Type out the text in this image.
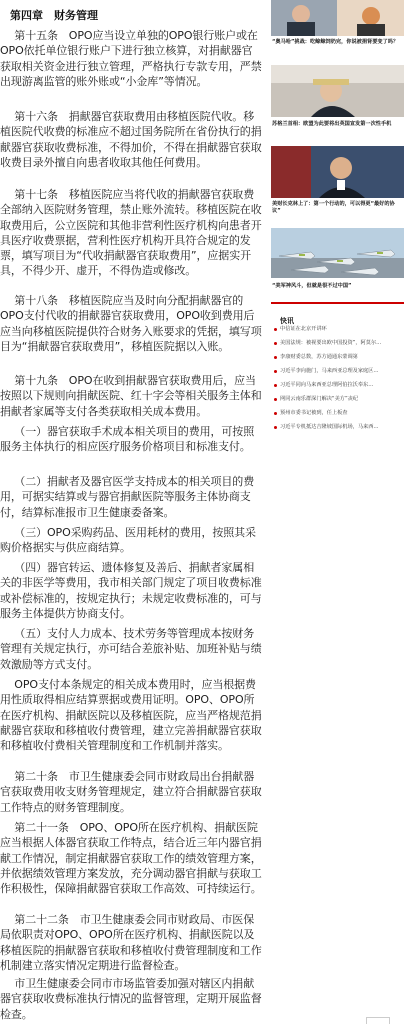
第四章　财务管理

第十五条　OPO应当设立单独的OPO银行账户或在OPO依托单位银行账户下进行独立核算，对捐献器官获取相关资金进行独立管理，严格执行专款专用，严禁出现游离监管的账外账或“小金库”等情况。

第十六条　捐献器官获取费用由移植医院代收。移植医院代收费的标准应不超过国务院所在省份执行的捐献器官获取收费标准，不得加价，不得在捐献器官获取收费目录外擅自向患者收取其他任何费用。

第十七条　移植医院应当将代收的捐献器官获取费全部纳入医院财务管理，禁止账外流转。移植医院在收取费用后，公立医院和其他非营利性医疗机构向患者开具医疗收费票据，营利性医疗机构开具符合规定的发票，填写项目为“代收捐献器官获取费用”，应据实开具，不得少开、虚开，不得伪造或修改。

第十八条　移植医院应当及时向分配捐献器官的OPO支付代收的捐献器官获取费用，OPO收到费用后应当向移植医院提供符合财务入账要求的凭据，填写项目为“捐献器官获取费用”，移植医院据以入账。

第十九条　OPO在收到捐献器官获取费用后，应当按照以下规则向捐献医院、红十字会等相关服务主体和捐献者家属等支付各类获取相关成本费用。

（一）器官获取手术成本相关项目的费用，可按照服务主体执行的相应医疗服务价格项目和标准支付。

（二）捐献者及器官医学支持成本的相关项目的费用，可据实结算或与器官捐献医院等服务主体协商支付，结算标准报市卫生健康委备案。

（三）OPO采购药品、医用耗材的费用，按照其采购价格据实与供应商结算。

（四）器官转运、遗体修复及善后、捐献者家属相关的非医学等费用，我市相关部门规定了项目收费标准或补偿标准的，按规定执行；未规定收费标准的，可与服务主体提供方协商支付。

（五）支付人力成本、技术劳务等管理成本按财务管理有关规定执行，亦可结合差旅补贴、加班补贴与绩效激励等方式支付。

OPO支付本条规定的相关成本费用时，应当根据费用性质取得相应结算票据或费用证明。OPO、OPO所在医疗机构、捐献医院以及移植医院，应当严格规范捐献器官获取和移植收付费管理，建立完善捐献器官获取和移植收付费相关管理制度和工作机制并落实。

第二十条　市卫生健康委会同市财政局出台捐献器官获取费用收支财务管理规定，建立符合捐献器官获取工作特点的财务管理制度。

第二十一条　OPO、OPO所在医疗机构、捐献医院应当根据人体器官获取工作特点，结合近三年内器官捐献工作情况，制定捐献器官获取工作的绩效管理方案，并依据绩效管理方案发放，充分调动器官捐献与获取工作积极性，保障捐献器官获取工作高效、可持续运行。

第二十二条　市卫生健康委会同市财政局、市医保局依职责对OPO、OPO所在医疗机构、捐献医院以及移植医院的捐献器官获取和移植收付费管理制度和工作机制建立落实情况定期进行监督检查。

市卫生健康委会同市市场监管委加强对辖区内捐献器官获取收费标准执行情况的监督管理，定期开展监督检查。

“奥马哈”挑战：吃鲸鲸饲奶完，你说被捐肾要变了吗？

苏格兰首相：欧盟为此要将出英国宣发第一次性手机

美财长克林上了：第一个行动的，可以得更“最好的协议”

“美军神风斗，但就是很不过中国”

快讯
中信证在北京开讲环
美国法规：被视要出欧中国投资”，阿莫尔…
李康财委总数，苏方通通东蒙调第
习近平李向施门，马来西亚总理及家庭区…
习近平同向马来西亚总理阿伯拉沃奉东…
网同云南乐群深门解决“美方”丧纪
预州市委书记被到，任上板查
习近平专机抵达吉隆坡国际机场，马来西…
